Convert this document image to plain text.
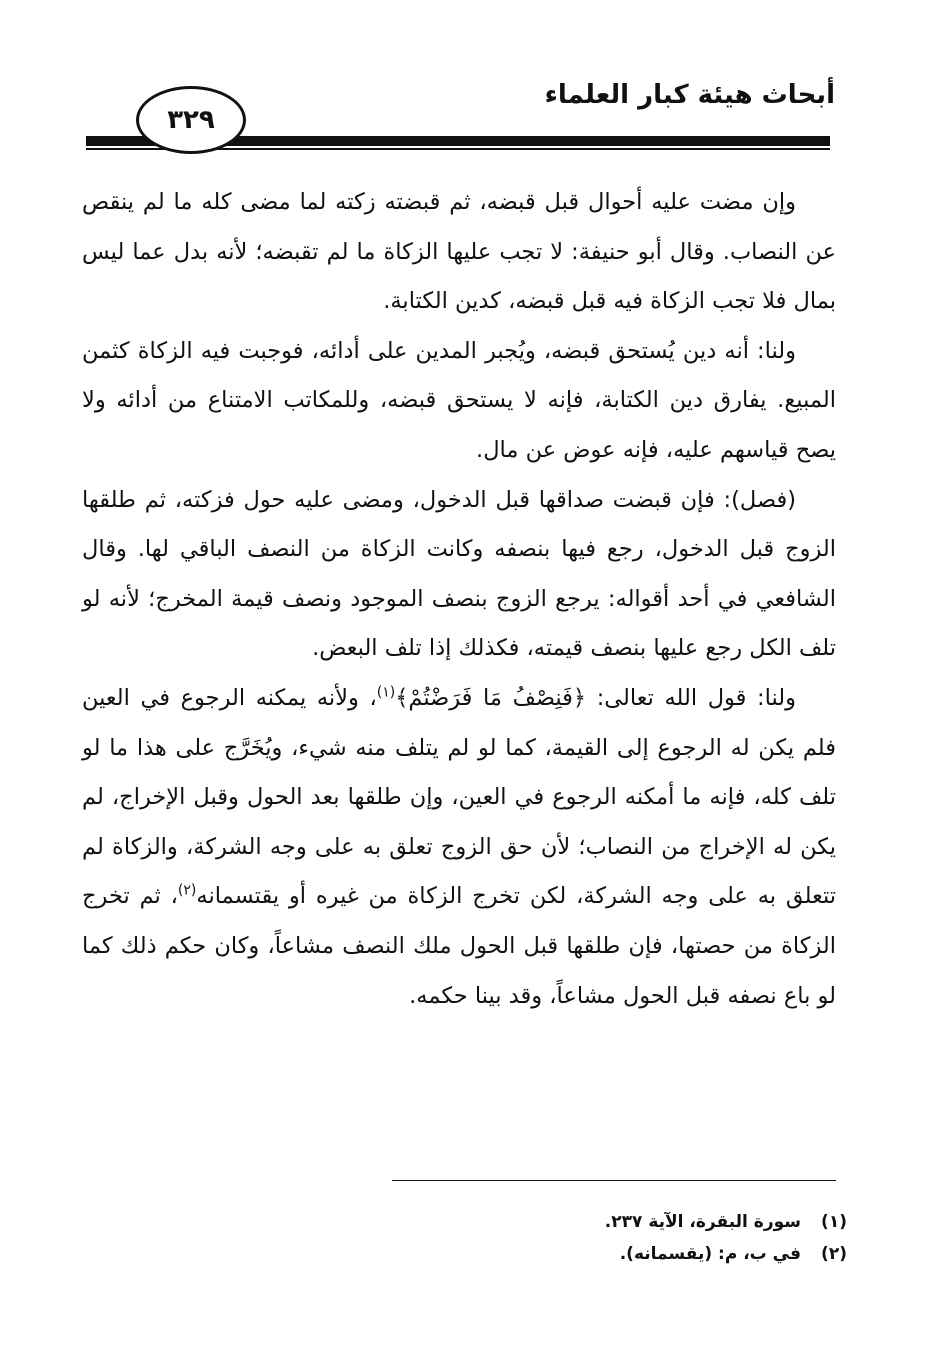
أبحاث هيئة كبار العلماء
٣٢٩

وإن مضت عليه أحوال قبل قبضه، ثم قبضته زكته لما مضى كله ما لم ينقص عن النصاب. وقال أبو حنيفة: لا تجب عليها الزكاة ما لم تقبضه؛ لأنه بدل عما ليس بمال فلا تجب الزكاة فيه قبل قبضه، كدين الكتابة.

ولنا: أنه دين يُستحق قبضه، ويُجبر المدين على أدائه، فوجبت فيه الزكاة كثمن المبيع. يفارق دين الكتابة، فإنه لا يستحق قبضه، وللمكاتب الامتناع من أدائه ولا يصح قياسهم عليه، فإنه عوض عن مال.

(فصل): فإن قبضت صداقها قبل الدخول، ومضى عليه حول فزكته، ثم طلقها الزوج قبل الدخول، رجع فيها بنصفه وكانت الزكاة من النصف الباقي لها. وقال الشافعي في أحد أقواله: يرجع الزوج بنصف الموجود ونصف قيمة المخرج؛ لأنه لو تلف الكل رجع عليها بنصف قيمته، فكذلك إذا تلف البعض.

ولنا: قول الله تعالى: ﴿فَنِصْفُ مَا فَرَضْتُمْ﴾$^{(١)}$، ولأنه يمكنه الرجوع في العين فلم يكن له الرجوع إلى القيمة، كما لو لم يتلف منه شيء، ويُخَرَّج على هذا ما لو تلف كله، فإنه ما أمكنه الرجوع في العين، وإن طلقها بعد الحول وقبل الإخراج، لم يكن له الإخراج من النصاب؛ لأن حق الزوج تعلق به على وجه الشركة، والزكاة لم تتعلق به على وجه الشركة، لكن تخرج الزكاة من غيره أو يقتسمانه$^{(٢)}$، ثم تخرج الزكاة من حصتها، فإن طلقها قبل الحول ملك النصف مشاعاً، وكان حكم ذلك كما لو باع نصفه قبل الحول مشاعاً، وقد بينا حكمه.

(١)سورة البقرة، الآية ٢٣٧.
(٢)في ب، م: (يقسمانه).
